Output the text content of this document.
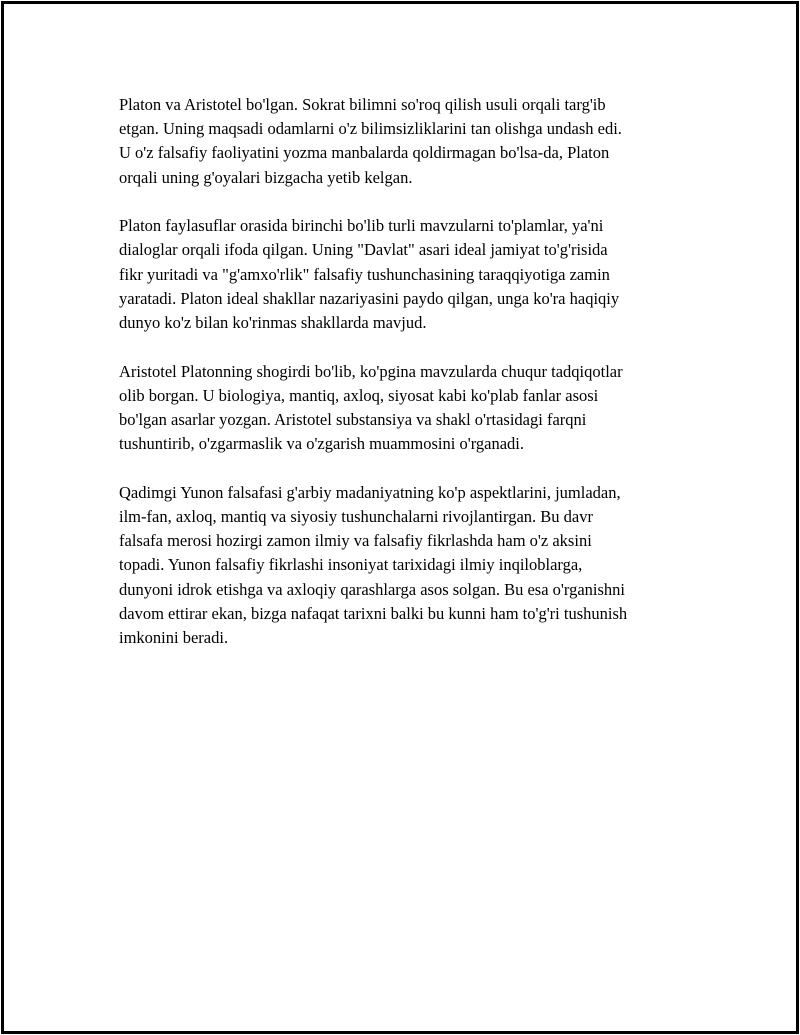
Platon va Aristotel bo'lgan. Sokrat bilimni so'roq qilish usuli orqali targ'ib
etgan. Uning maqsadi odamlarni o'z bilimsizliklarini tan olishga undash edi.
U o'z falsafiy faoliyatini yozma manbalarda qoldirmagan bo'lsa-da, Platon
orqali uning g'oyalari bizgacha yetib kelgan.

Platon faylasuflar orasida birinchi bo'lib turli mavzularni to'plamlar, ya'ni
dialoglar orqali ifoda qilgan. Uning "Davlat" asari ideal jamiyat to'g'risida
fikr yuritadi va "g'amxo'rlik" falsafiy tushunchasining taraqqiyotiga zamin
yaratadi. Platon ideal shakllar nazariyasini paydo qilgan, unga ko'ra haqiqiy
dunyo ko'z bilan ko'rinmas shakllarda mavjud.

Aristotel Platonning shogirdi bo'lib, ko'pgina mavzularda chuqur tadqiqotlar
olib borgan. U biologiya, mantiq, axloq, siyosat kabi ko'plab fanlar asosi
bo'lgan asarlar yozgan. Aristotel substansiya va shakl o'rtasidagi farqni
tushuntirib, o'zgarmaslik va o'zgarish muammosini o'rganadi.

Qadimgi Yunon falsafasi g'arbiy madaniyatning ko'p aspektlarini, jumladan,
ilm-fan, axloq, mantiq va siyosiy tushunchalarni rivojlantirgan. Bu davr
falsafa merosi hozirgi zamon ilmiy va falsafiy fikrlashda ham o'z aksini
topadi. Yunon falsafiy fikrlashi insoniyat tarixidagi ilmiy inqiloblarga,
dunyoni idrok etishga va axloqiy qarashlarga asos solgan. Bu esa o'rganishni
davom ettirar ekan, bizga nafaqat tarixni balki bu kunni ham to'g'ri tushunish
imkonini beradi.
